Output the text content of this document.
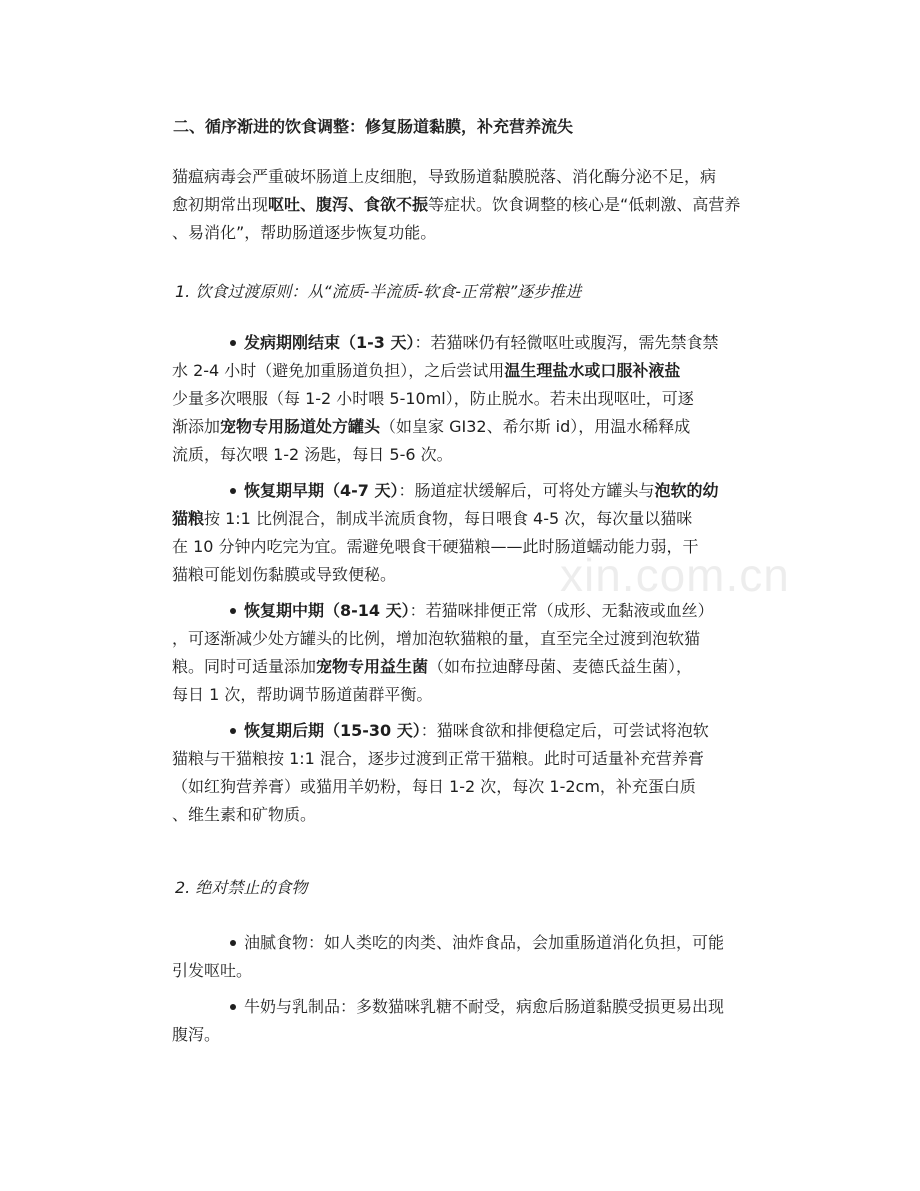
二、循序渐进的饮食调整：修复肠道黏膜，补充营养流失
猫瘟病毒会严重破坏肠道上皮细胞，导致肠道黏膜脱落、消化酶分泌不足，病
愈初期常出现呕吐、腹泻、食欲不振等症状。饮食调整的核心是“低刺激、高营养
、易消化”，帮助肠道逐步恢复功能。
1. 饮食过渡原则：从“流质-半流质-软食-正常粮”逐步推进
发病期刚结束（1-3 天）：若猫咪仍有轻微呕吐或腹泻，需先禁食禁
水 2-4 小时（避免加重肠道负担），之后尝试用温生理盐水或口服补液盐
少量多次喂服（每 1-2 小时喂 5-10ml），防止脱水。若未出现呕吐，可逐
渐添加宠物专用肠道处方罐头（如皇家 GI32、希尔斯 id），用温水稀释成
流质，每次喂 1-2 汤匙，每日 5-6 次。
恢复期早期（4-7 天）：肠道症状缓解后，可将处方罐头与泡软的幼
猫粮按 1:1 比例混合，制成半流质食物，每日喂食 4-5 次，每次量以猫咪
在 10 分钟内吃完为宜。需避免喂食干硬猫粮——此时肠道蠕动能力弱，干
猫粮可能划伤黏膜或导致便秘。
恢复期中期（8-14 天）：若猫咪排便正常（成形、无黏液或血丝）
，可逐渐减少处方罐头的比例，增加泡软猫粮的量，直至完全过渡到泡软猫
粮。同时可适量添加宠物专用益生菌（如布拉迪酵母菌、麦德氏益生菌），
每日 1 次，帮助调节肠道菌群平衡。
恢复期后期（15-30 天）：猫咪食欲和排便稳定后，可尝试将泡软
猫粮与干猫粮按 1:1 混合，逐步过渡到正常干猫粮。此时可适量补充营养膏
（如红狗营养膏）或猫用羊奶粉，每日 1-2 次，每次 1-2cm，补充蛋白质
、维生素和矿物质。
2. 绝对禁止的食物
油腻食物：如人类吃的肉类、油炸食品，会加重肠道消化负担，可能
引发呕吐。
牛奶与乳制品：多数猫咪乳糖不耐受，病愈后肠道黏膜受损更易出现
腹泻。
xin.com.cn
